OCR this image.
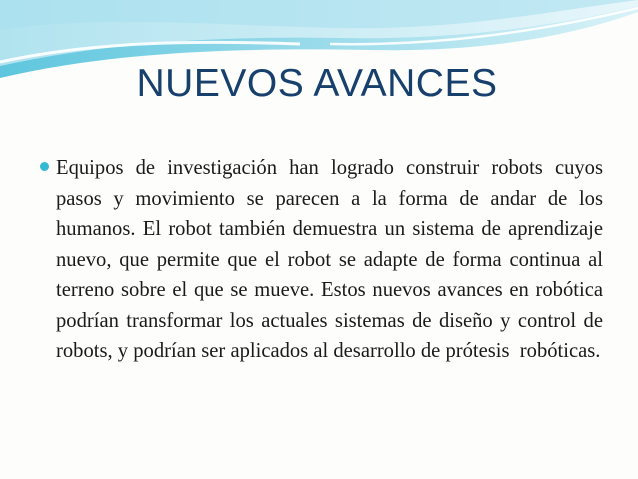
NUEVOS AVANCES
Equipos de investigación han logrado construir robots cuyos pasos y movimiento se parecen a la forma de andar de los humanos. El robot también demuestra un sistema de aprendizaje  nuevo, que permite que el robot se adapte de forma continua al terreno sobre el que se mueve. Estos nuevos avances en robótica podrían transformar los actuales sistemas de diseño y control de robots, y podrían ser aplicados al desarrollo de prótesis  robóticas.
